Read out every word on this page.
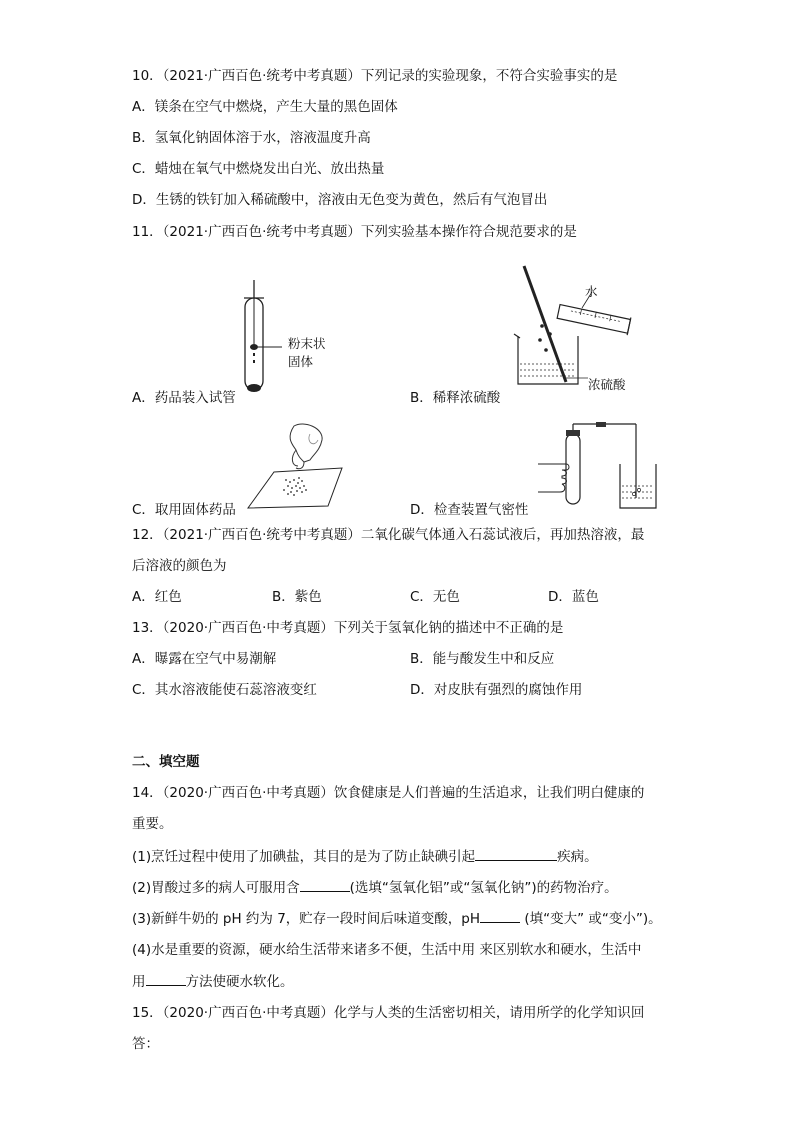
10．（2021·广西百色·统考中考真题）下列记录的实验现象，不符合实验事实的是
A．镁条在空气中燃烧，产生大量的黑色固体
B．氢氧化钠固体溶于水，溶液温度升高
C．蜡烛在氧气中燃烧发出白光、放出热量
D．生锈的铁钉加入稀硫酸中，溶液由无色变为黄色，然后有气泡冒出
11．（2021·广西百色·统考中考真题）下列实验基本操作符合规范要求的是
粉末状
固体
A．药品装入试管
水
浓硫酸
B．稀释浓硫酸
C．取用固体药品	D．检查装置气密性
12．（2021·广西百色·统考中考真题）二氧化碳气体通入石蕊试液后，再加热溶液，最
后溶液的颜色为
A．红色	B．紫色	C．无色	D．蓝色
13．（2020·广西百色·中考真题）下列关于氢氧化钠的描述中不正确的是
A．曝露在空气中易潮解	B．能与酸发生中和反应
C．其水溶液能使石蕊溶液变红	D．对皮肤有强烈的腐蚀作用
二、填空题
14．（2020·广西百色·中考真题）饮食健康是人们普遍的生活追求，让我们明白健康的
重要。
(1)烹饪过程中使用了加碘盐，其目的是为了防止缺碘引起	疾病。
(2)胃酸过多的病人可服用含	(选填“氢氧化铝”或“氢氧化钠”)的药物治疗。
(3)新鲜牛奶的 pH 约为 7，贮存一段时间后味道变酸，pH	(填“变大” 或“变小”)。
(4)水是重要的资源，硬水给生活带来诸多不便，生活中用 来区别软水和硬水，生活中
用	方法使硬水软化。
15．（2020·广西百色·中考真题）化学与人类的生活密切相关，请用所学的化学知识回
答：
